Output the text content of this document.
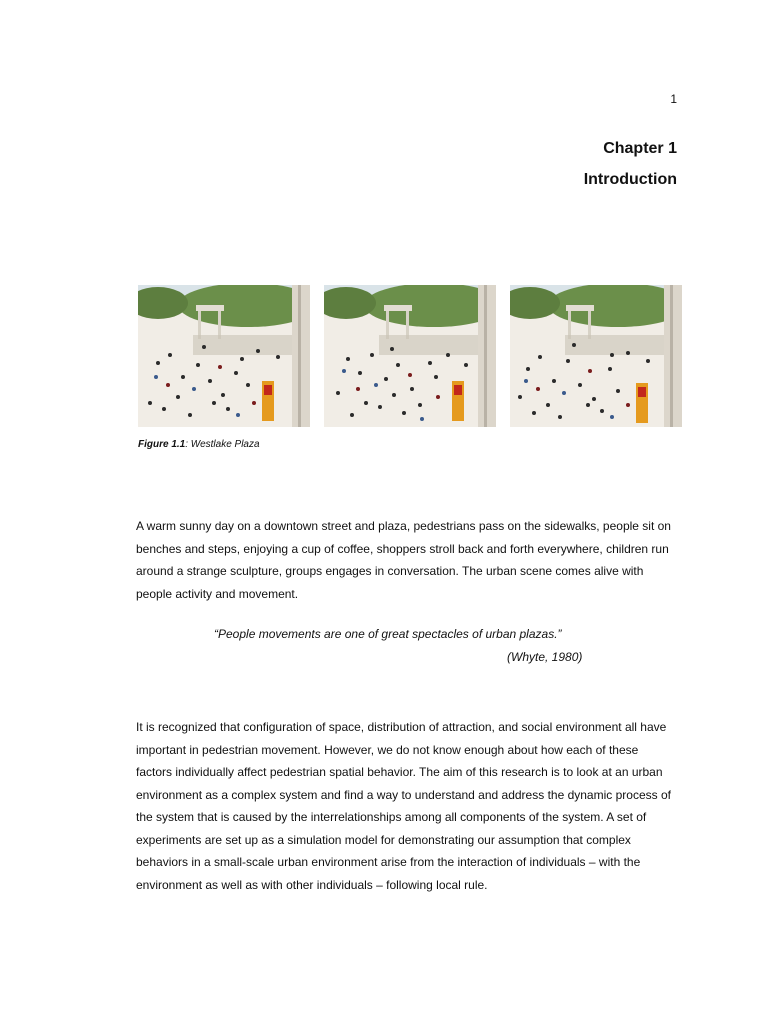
1
Chapter 1
Introduction
Figure 1.1: Westlake Plaza

A warm sunny day on a downtown street and plaza, pedestrians pass on the sidewalks, people sit on benches and steps, enjoying a cup of coffee, shoppers stroll back and forth everywhere, children run around a strange sculpture, groups engages in conversation. The urban scene comes alive with people activity and movement.

“People movements are one of great spectacles of urban plazas.”
(Whyte, 1980)

It is recognized that configuration of space, distribution of attraction, and social environment all have important in pedestrian movement. However, we do not know enough about how each of these factors individually affect pedestrian spatial behavior. The aim of this research is to look at an urban environment as a complex system and find a way to understand and address the dynamic process of the system that is caused by the interrelationships among all components of the system. A set of experiments are set up as a simulation model for demonstrating our assumption that complex behaviors in a small-scale urban environment arise from the interaction of individuals – with the environment as well as with other individuals – following local rule.
